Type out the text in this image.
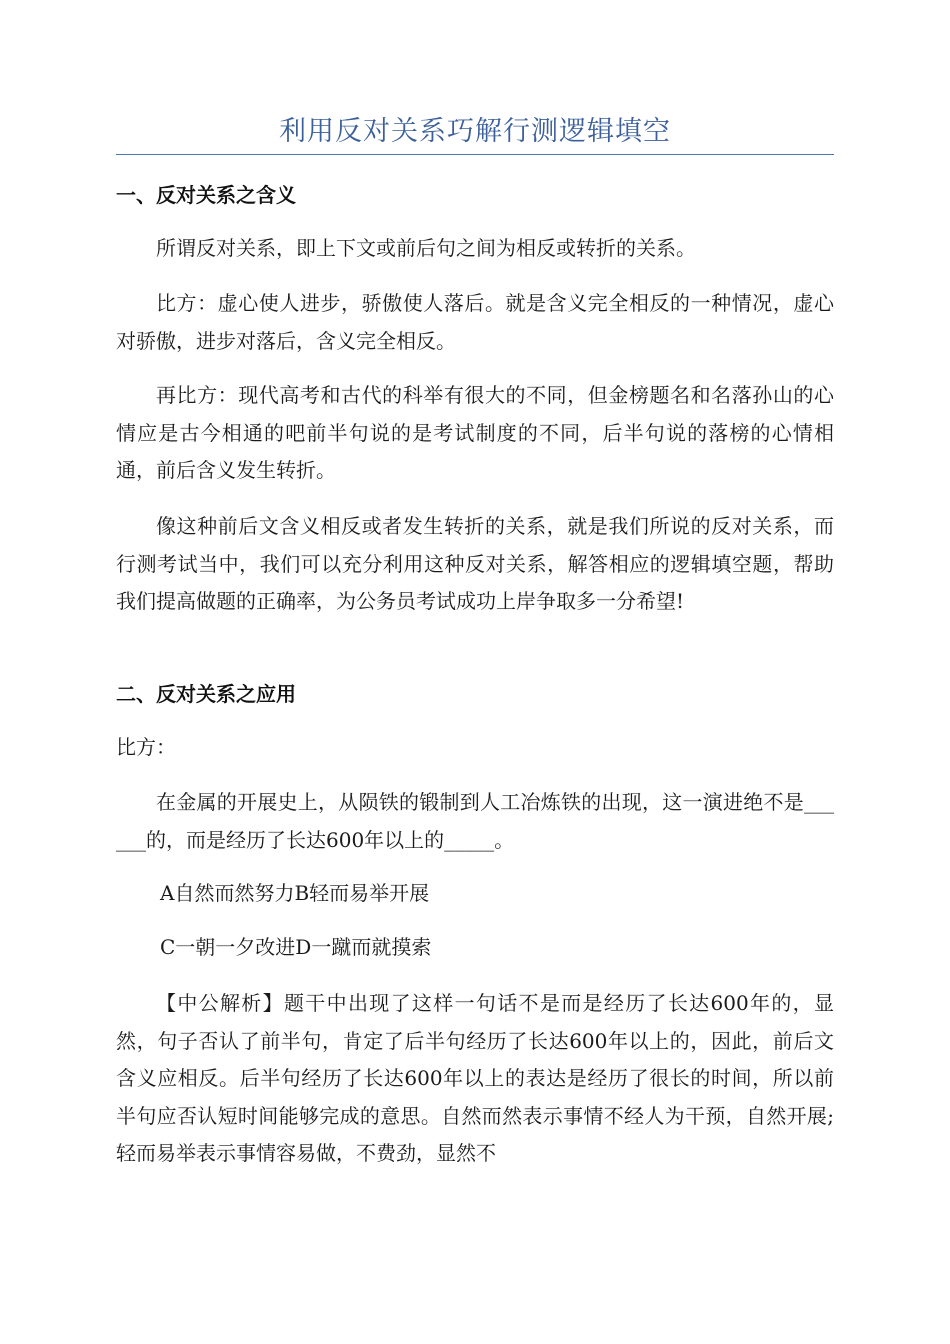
利用反对关系巧解行测逻辑填空
一、反对关系之含义
所谓反对关系，即上下文或前后句之间为相反或转折的关系。
比方：虚心使人进步，骄傲使人落后。就是含义完全相反的一种情况，虚心对骄傲，进步对落后，含义完全相反。
再比方：现代高考和古代的科举有很大的不同，但金榜题名和名落孙山的心情应是古今相通的吧前半句说的是考试制度的不同，后半句说的落榜的心情相通，前后含义发生转折。
像这种前后文含义相反或者发生转折的关系，就是我们所说的反对关系，而行测考试当中，我们可以充分利用这种反对关系，解答相应的逻辑填空题，帮助我们提高做题的正确率，为公务员考试成功上岸争取多一分希望!
二、反对关系之应用
比方：
在金属的开展史上，从陨铁的锻制到人工冶炼铁的出现，这一演进绝不是______的，而是经历了长达600年以上的_____。
A自然而然努力B轻而易举开展
C一朝一夕改进D一蹴而就摸索
【中公解析】题干中出现了这样一句话不是而是经历了长达600年的，显然，句子否认了前半句，肯定了后半句经历了长达600年以上的，因此，前后文含义应相反。后半句经历了长达600年以上的表达是经历了很长的时间，所以前半句应否认短时间能够完成的意思。自然而然表示事情不经人为干预，自然开展;轻而易举表示事情容易做，不费劲，显然不
